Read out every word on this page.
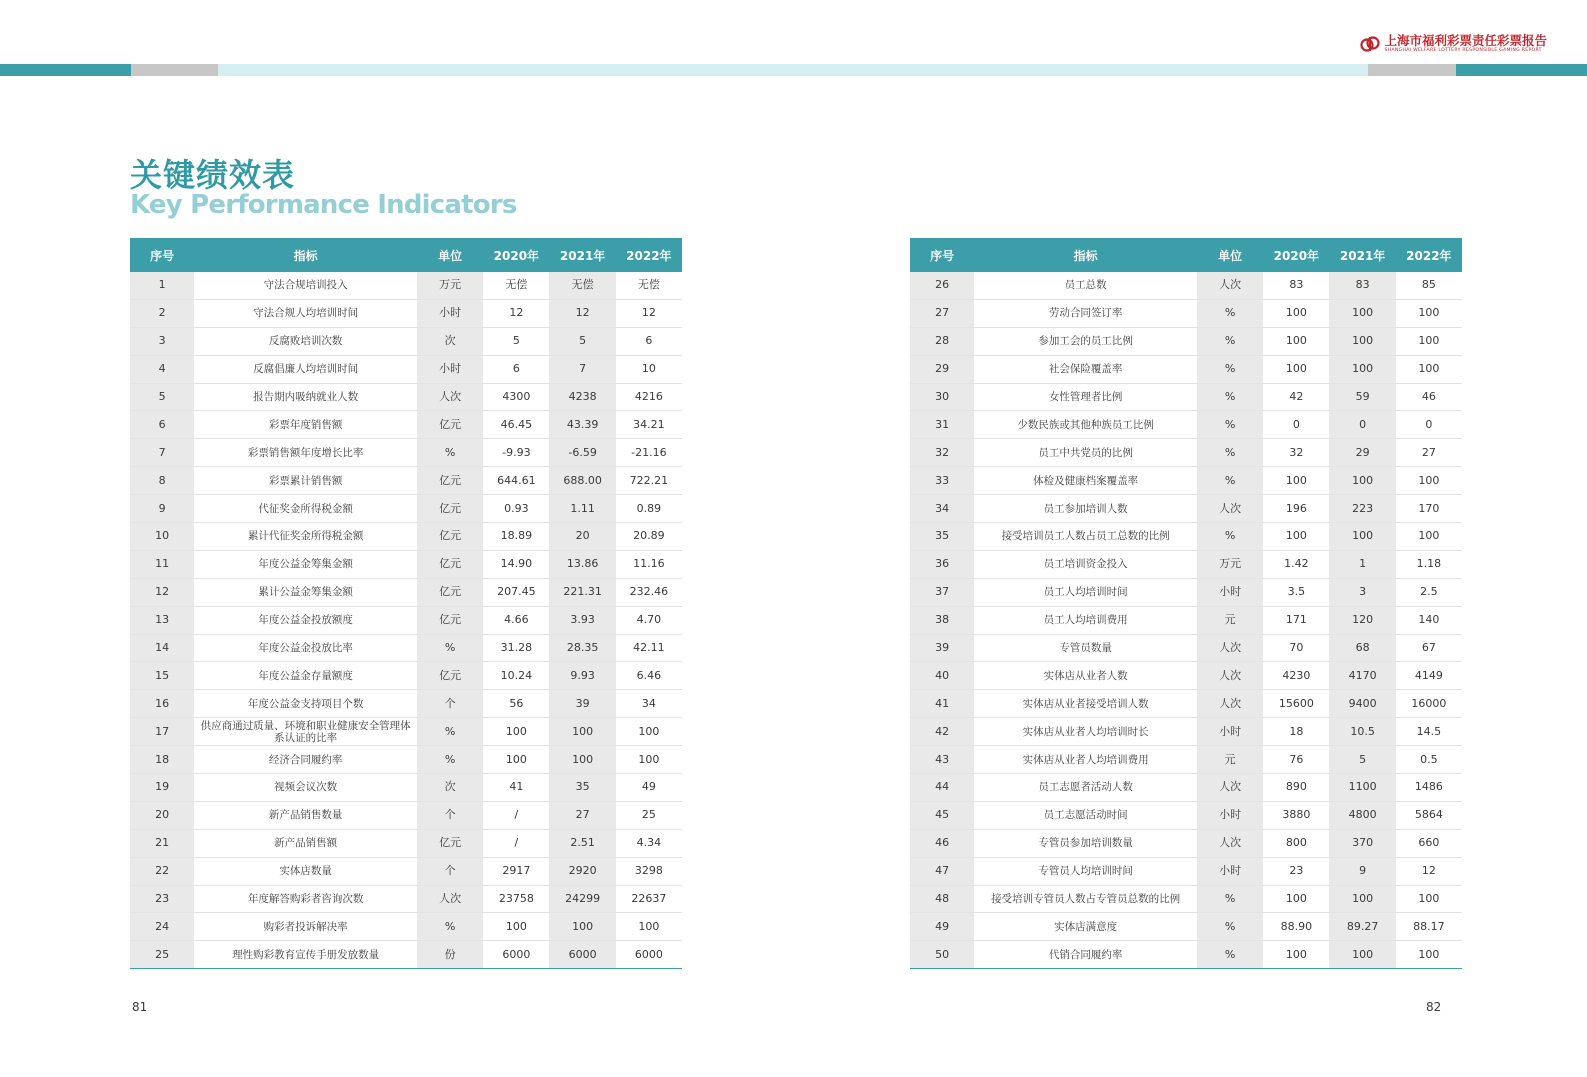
上海市福利彩票责任彩票报告
SHANGHAI WELFARE LOTTERY RESPONSIBLE GAMING REPORT
关键绩效表
Key Performance Indicators
序号	指标	单位	2020年	2021年	2022年
1	守法合规培训投入	万元	无偿	无偿	无偿
2	守法合规人均培训时间	小时	12	12	12
3	反腐败培训次数	次	5	5	6
4	反腐倡廉人均培训时间	小时	6	7	10
5	报告期内吸纳就业人数	人次	4300	4238	4216
6	彩票年度销售额	亿元	46.45	43.39	34.21
7	彩票销售额年度增长比率	%	-9.93	-6.59	-21.16
8	彩票累计销售额	亿元	644.61	688.00	722.21
9	代征奖金所得税金额	亿元	0.93	1.11	0.89
10	累计代征奖金所得税金额	亿元	18.89	20	20.89
11	年度公益金筹集金额	亿元	14.90	13.86	11.16
12	累计公益金筹集金额	亿元	207.45	221.31	232.46
13	年度公益金投放额度	亿元	4.66	3.93	4.70
14	年度公益金投放比率	%	31.28	28.35	42.11
15	年度公益金存量额度	亿元	10.24	9.93	6.46
16	年度公益金支持项目个数	个	56	39	34
17	供应商通过质量、环境和职业健康安全管理体系认证的比率	%	100	100	100
18	经济合同履约率	%	100	100	100
19	视频会议次数	次	41	35	49
20	新产品销售数量	个	/	27	25
21	新产品销售额	亿元	/	2.51	4.34
22	实体店数量	个	2917	2920	3298
23	年度解答购彩者咨询次数	人次	23758	24299	22637
24	购彩者投诉解决率	%	100	100	100
25	理性购彩教育宣传手册发放数量	份	6000	6000	6000
序号	指标	单位	2020年	2021年	2022年
26	员工总数	人次	83	83	85
27	劳动合同签订率	%	100	100	100
28	参加工会的员工比例	%	100	100	100
29	社会保险覆盖率	%	100	100	100
30	女性管理者比例	%	42	59	46
31	少数民族或其他种族员工比例	%	0	0	0
32	员工中共党员的比例	%	32	29	27
33	体检及健康档案覆盖率	%	100	100	100
34	员工参加培训人数	人次	196	223	170
35	接受培训员工人数占员工总数的比例	%	100	100	100
36	员工培训资金投入	万元	1.42	1	1.18
37	员工人均培训时间	小时	3.5	3	2.5
38	员工人均培训费用	元	171	120	140
39	专管员数量	人次	70	68	67
40	实体店从业者人数	人次	4230	4170	4149
41	实体店从业者接受培训人数	人次	15600	9400	16000
42	实体店从业者人均培训时长	小时	18	10.5	14.5
43	实体店从业者人均培训费用	元	76	5	0.5
44	员工志愿者活动人数	人次	890	1100	1486
45	员工志愿活动时间	小时	3880	4800	5864
46	专管员参加培训数量	人次	800	370	660
47	专管员人均培训时间	小时	23	9	12
48	接受培训专管员人数占专管员总数的比例	%	100	100	100
49	实体店满意度	%	88.90	89.27	88.17
50	代销合同履约率	%	100	100	100
81	82
